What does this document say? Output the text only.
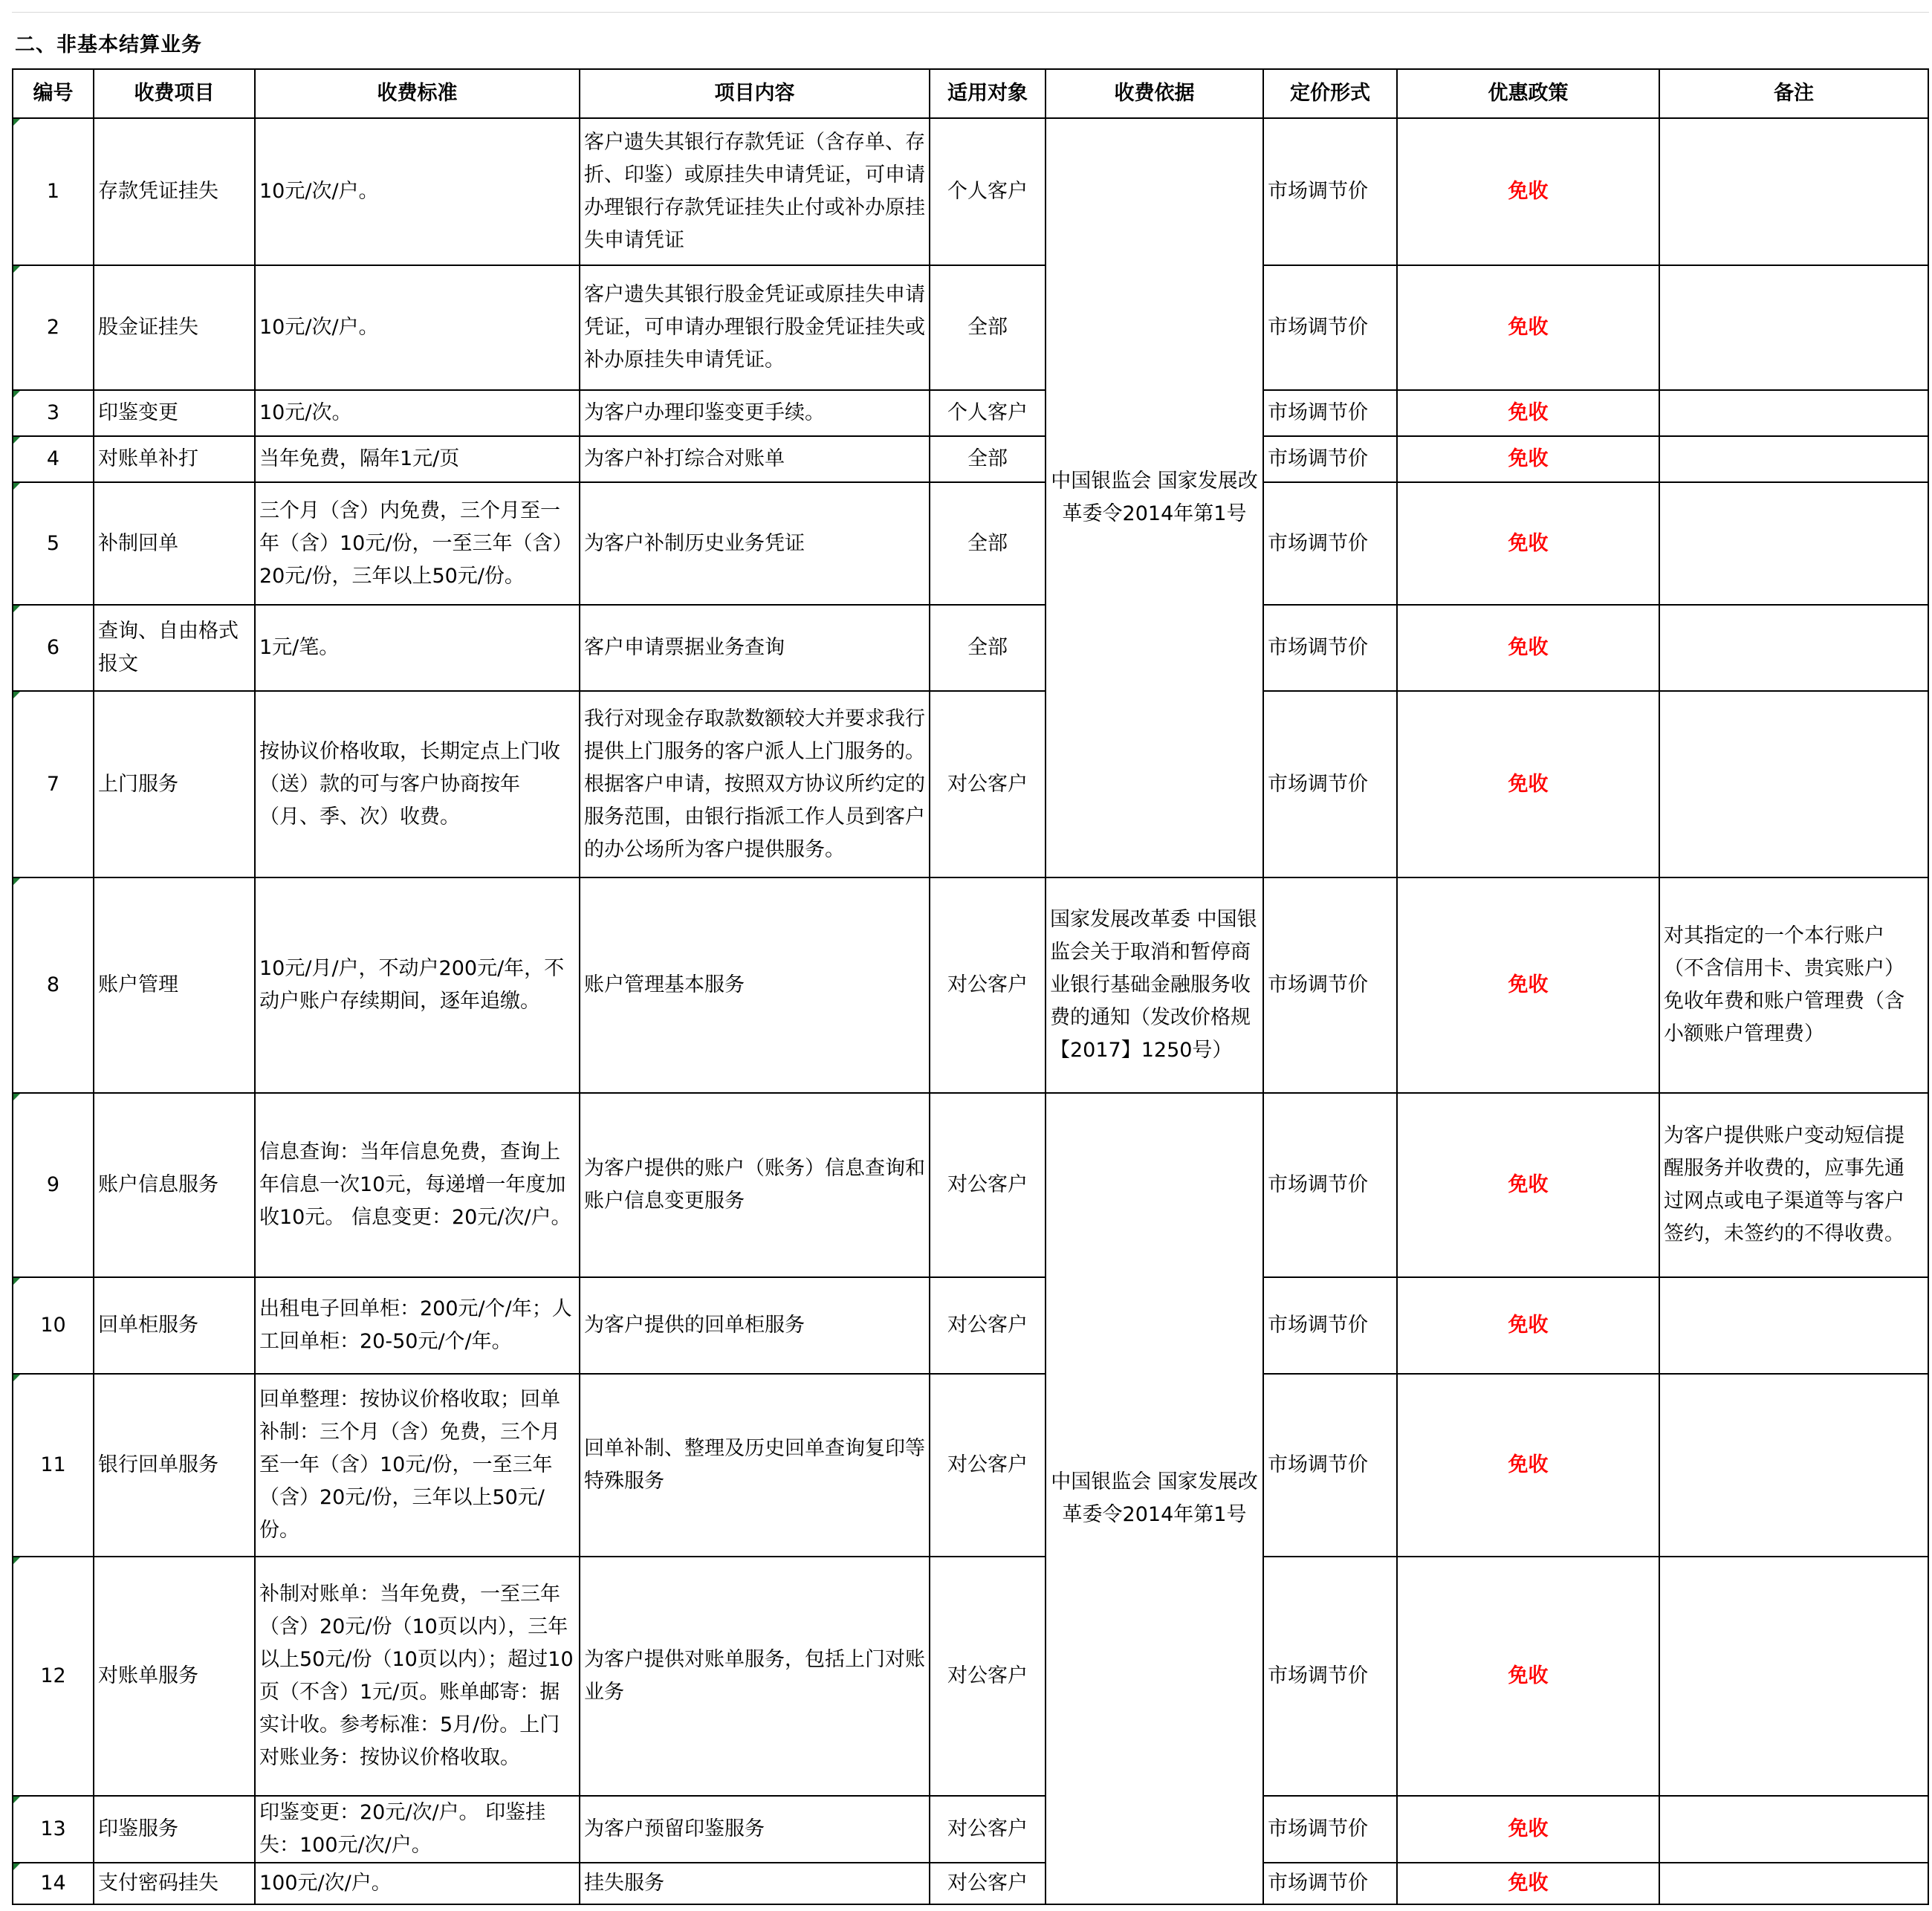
二、非基本结算业务
编号	收费项目	收费标准	项目内容	适用对象	收费依据	定价形式	优惠政策	备注
1	存款凭证挂失	10元/次/户。	客户遗失其银行存款凭证（含存单、存折、印鉴）或原挂失申请凭证，可申请办理银行存款凭证挂失止付或补办原挂失申请凭证	个人客户	中国银监会 国家发展改革委令2014年第1号	市场调节价	免收	
2	股金证挂失	10元/次/户。	客户遗失其银行股金凭证或原挂失申请凭证，可申请办理银行股金凭证挂失或补办原挂失申请凭证。	全部		市场调节价	免收	
3	印鉴变更	10元/次。	为客户办理印鉴变更手续。	个人客户		市场调节价	免收	
4	对账单补打	当年免费，隔年1元/页	为客户补打综合对账单	全部		市场调节价	免收	
5	补制回单	三个月（含）内免费，三个月至一年（含）10元/份，一至三年（含）20元/份，三年以上50元/份。	为客户补制历史业务凭证	全部		市场调节价	免收	
6	查询、自由格式报文	1元/笔。	客户申请票据业务查询	全部		市场调节价	免收	
7	上门服务	按协议价格收取，长期定点上门收（送）款的可与客户协商按年（月、季、次）收费。	我行对现金存取款数额较大并要求我行提供上门服务的客户派人上门服务的。根据客户申请，按照双方协议所约定的服务范围，由银行指派工作人员到客户的办公场所为客户提供服务。	对公客户		市场调节价	免收	
8	账户管理	10元/月/户，不动户200元/年，不动户账户存续期间，逐年追缴。	账户管理基本服务	对公客户	国家发展改革委 中国银监会关于取消和暂停商业银行基础金融服务收费的通知（发改价格规【2017】1250号）	市场调节价	免收	对其指定的一个本行账户（不含信用卡、贵宾账户）免收年费和账户管理费（含小额账户管理费）
9	账户信息服务	信息查询：当年信息免费，查询上年信息一次10元，每递增一年度加收10元。 信息变更：20元/次/户。	为客户提供的账户（账务）信息查询和账户信息变更服务	对公客户	中国银监会 国家发展改革委令2014年第1号	市场调节价	免收	为客户提供账户变动短信提醒服务并收费的，应事先通过网点或电子渠道等与客户签约，未签约的不得收费。
10	回单柜服务	出租电子回单柜：200元/个/年；人工回单柜：20-50元/个/年。	为客户提供的回单柜服务	对公客户		市场调节价	免收	
11	银行回单服务	回单整理：按协议价格收取；回单补制：三个月（含）免费，三个月至一年（含）10元/份，一至三年（含）20元/份，三年以上50元/份。	回单补制、整理及历史回单查询复印等特殊服务	对公客户		市场调节价	免收	
12	对账单服务	补制对账单：当年免费，一至三年（含）20元/份（10页以内），三年以上50元/份（10页以内）；超过10页（不含）1元/页。账单邮寄：据实计收。参考标准：5月/份。上门对账业务：按协议价格收取。	为客户提供对账单服务，包括上门对账业务	对公客户		市场调节价	免收	
13	印鉴服务	印鉴变更：20元/次/户。 印鉴挂失：100元/次/户。	为客户预留印鉴服务	对公客户		市场调节价	免收	
14	支付密码挂失	100元/次/户。	挂失服务	对公客户		市场调节价	免收	
